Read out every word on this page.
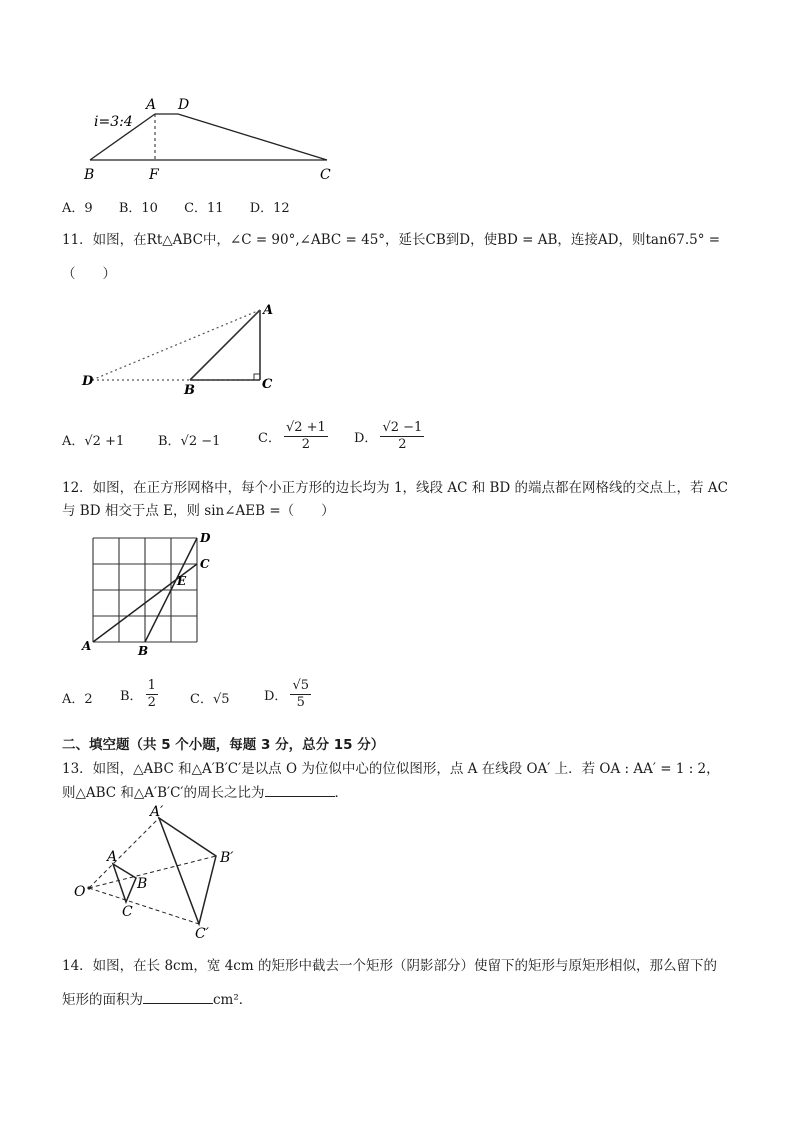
i=3:4
A D
B	F	C
A．9 B．10 C．11 D．12
11．如图，在Rt△ABC中，∠C = 90°,∠ABC = 45°，延长CB到D，使BD = AB，连接AD，则tan67.5° =
（　　）
A
B	C
D
A．√2 +1	B．√2 −1	C． $\frac{√2 +1}{2}$ D． $\frac{√2 -1}{2}$
12．如图，在正方形网格中，每个小正方形的边长均为 1，线段 AC 和 BD 的端点都在网格线的交点上，若 AC
与 BD 相交于点 E，则 sin∠AEB =（　　）
A	B
C
D
E
A．2 B． $\frac{1}{2}$ C．√5	D． $\frac{√5}{5}$
二、填空题（共 5 个小题，每题 3 分，总分 15 分）
13．如图，△ABC 和△A′B′C′是以点 O 为位似中心的位似图形，点 A 在线段 OA′ 上．若 OA : AA′ = 1 : 2，
则△ABC 和△A′B′C′的周长之比为	．
O
A
B
C
A′
B′
C′
14．如图，在长 8cm，宽 4cm 的矩形中截去一个矩形（阴影部分）使留下的矩形与原矩形相似，那么留下的
矩形的面积为	cm²．
